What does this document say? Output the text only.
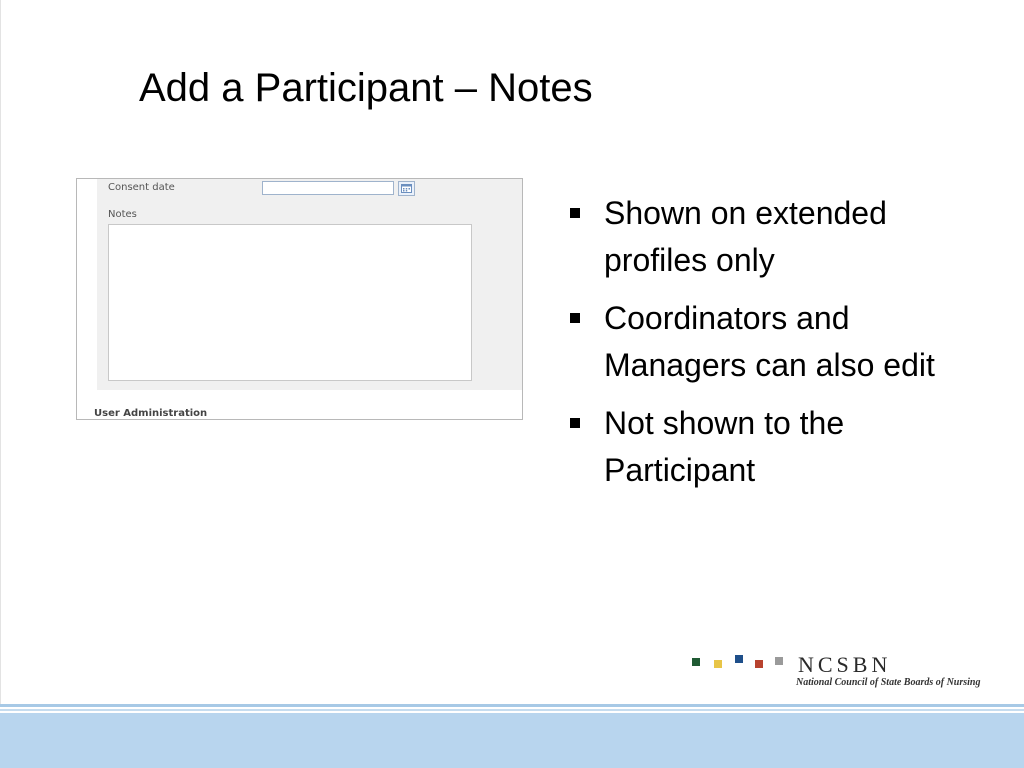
Add a Participant – Notes
Consent date
Notes
User Administration
Shown on extended profiles only
Coordinators and Managers can also edit
Not shown to the Participant
NCSBN
National Council of State Boards of Nursing
